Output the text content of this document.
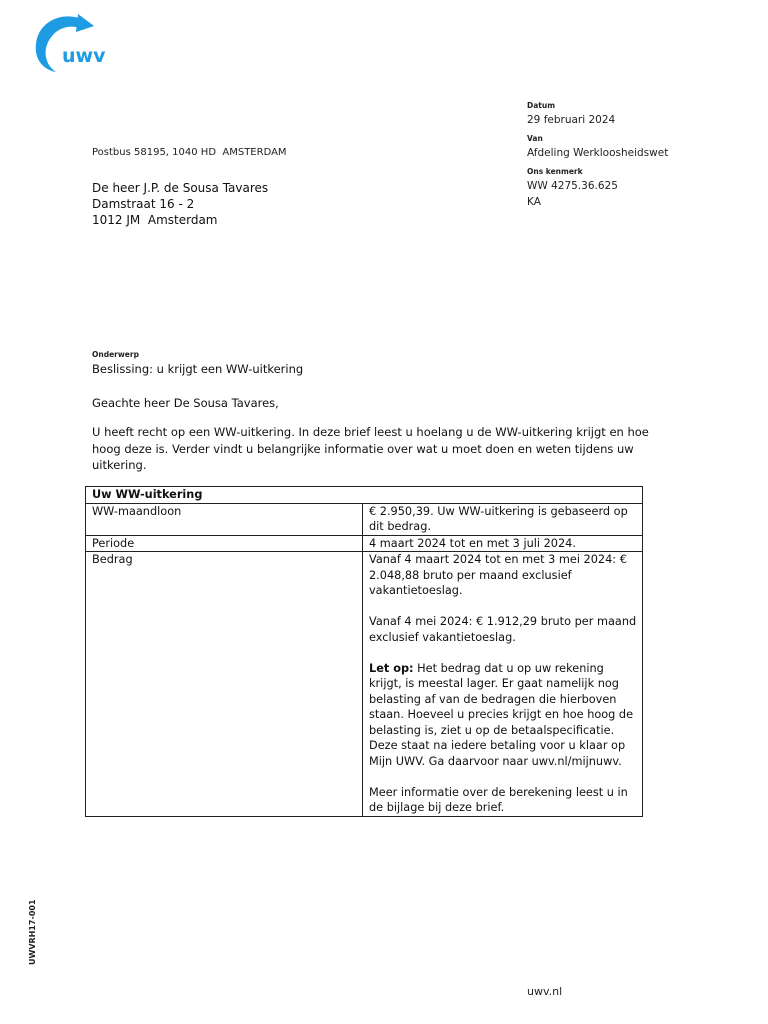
uwv
Datum
29 februari 2024
Van
Afdeling Werkloosheidswet
Ons kenmerk
WW 4275.36.625
KA
Postbus 58195, 1040 HD  AMSTERDAM
De heer J.P. de Sousa Tavares
Damstraat 16 - 2
1012 JM  Amsterdam
Onderwerp
Beslissing: u krijgt een WW-uitkering
Geachte heer De Sousa Tavares,
U heeft recht op een WW-uitkering. In deze brief leest u hoelang u de WW-uitkering krijgt en hoe hoog deze is. Verder vindt u belangrijke informatie over wat u moet doen en weten tijdens uw uitkering.
Uw WW-uitkering	
WW-maandloon	€ 2.950,39. Uw WW-uitkering is gebaseerd op dit bedrag.
Periode	4 maart 2024 tot en met 3 juli 2024.
Bedrag	Vanaf 4 maart 2024 tot en met 3 mei 2024: € 2.048,88 bruto per maand exclusief vakantietoeslag.

Vanaf 4 mei 2024: € 1.912,29 bruto per maand exclusief vakantietoeslag.

Let op: Het bedrag dat u op uw rekening krijgt, is meestal lager. Er gaat namelijk nog belasting af van de bedragen die hierboven staan. Hoeveel u precies krijgt en hoe hoog de belasting is, ziet u op de betaalspecificatie. Deze staat na iedere betaling voor u klaar op Mijn UWV. Ga daarvoor naar uwv.nl/mijnuwv.

Meer informatie over de berekening leest u in de bijlage bij deze brief.

UWVRH17-001
uwv.nl
